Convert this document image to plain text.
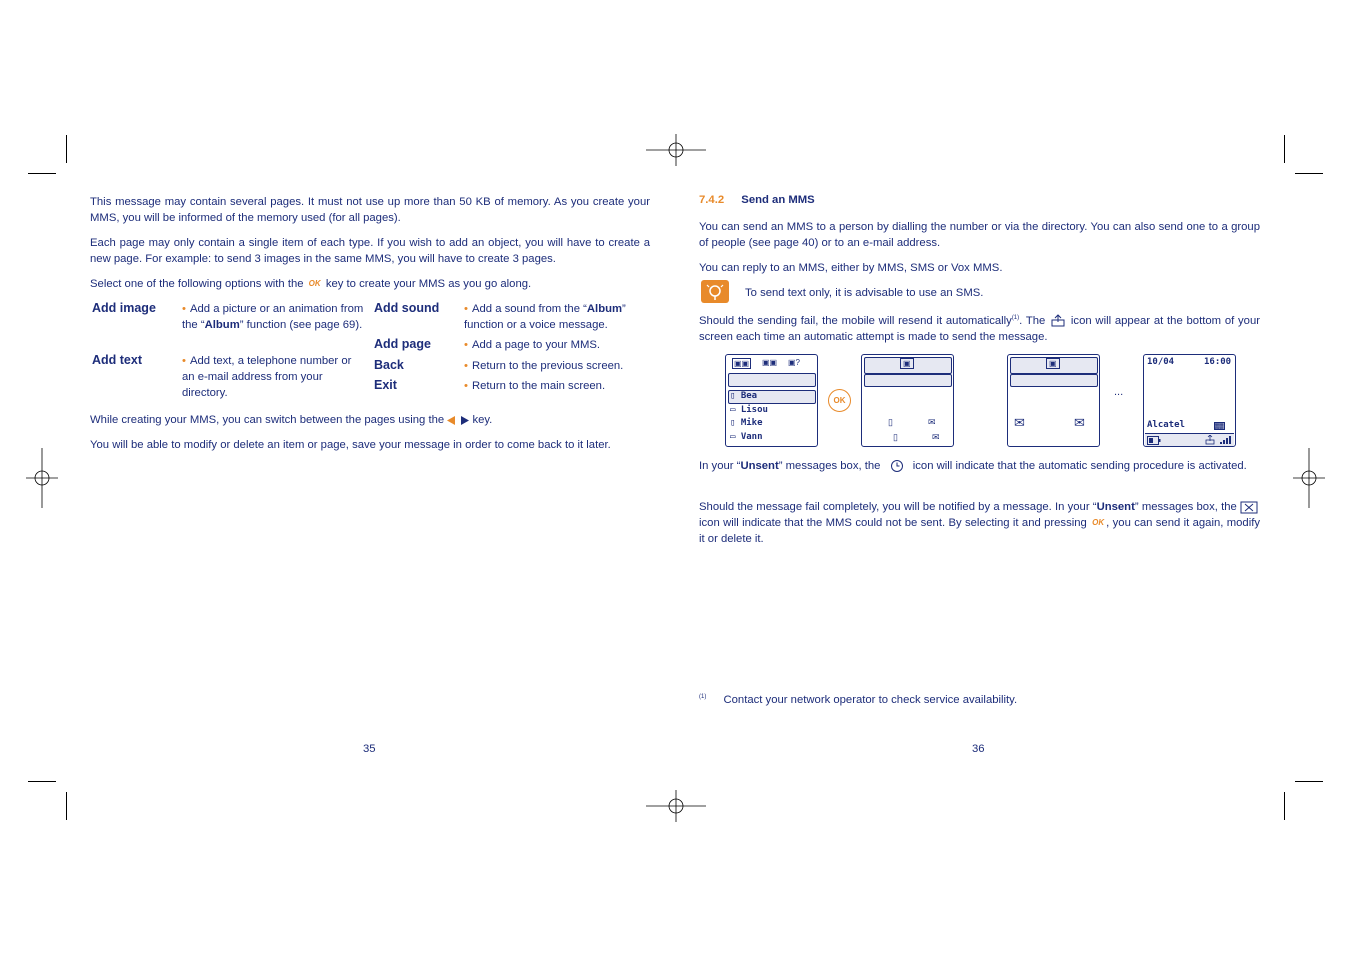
This message may contain several pages. It must not use up more than 50 KB of memory. As you create your MMS, you will be informed of the memory used (for all pages).

Each page may only contain a single item of each type. If you wish to add an object, you will have to create a new page. For example: to send 3 images in the same MMS, you will have to create 3 pages.

Select one of the following options with the OK key to create your MMS as you go along.

Add image • Add a picture or an animation from the “Album” function (see page 69).
Add text	• Add text, a telephone number or an e-mail address from your directory.
Add sound • Add a sound from the “Album” function or a voice message.
Add page	• Add a page to your MMS.
Back	• Return to the previous screen.
Exit	• Return to the main screen.

While creating your MMS, you can switch between the pages using the	key.

You will be able to modify or delete an item or page, save your message in order to come back to it later.

35
7.4.2 Send an MMS

You can send an MMS to a person by dialling the number or via the directory. You can also send one to a group of people (see page 40) or to an e-mail address.

You can reply to an MMS, either by MMS, SMS or Vox MMS.

To send text only, it is advisable to use an SMS.

Should the sending fail, the mobile will resend it automatically$^{(1)}$. The icon will appear at the bottom of your screen each time an automatic attempt is made to send the message.

▣▣ ▣▣ ▣?
▯ Bea
▭ Lisou
▯ Mike
▭ Vann
OK
▣
▯	✉
▯	✉
▣
✉	✉
...
10/04	16:00
Alcatel	▓▓

In your “Unsent” messages box, the	icon will indicate that the automatic sending procedure is activated.

Should the message fail completely, you will be notified by a message. In your “Unsent” messages box, the  icon will indicate that the MMS could not be sent. By selecting it and pressing OK , you can send it again, modify it or delete it.

$^{(1)}$ Contact your network operator to check service availability.
36
